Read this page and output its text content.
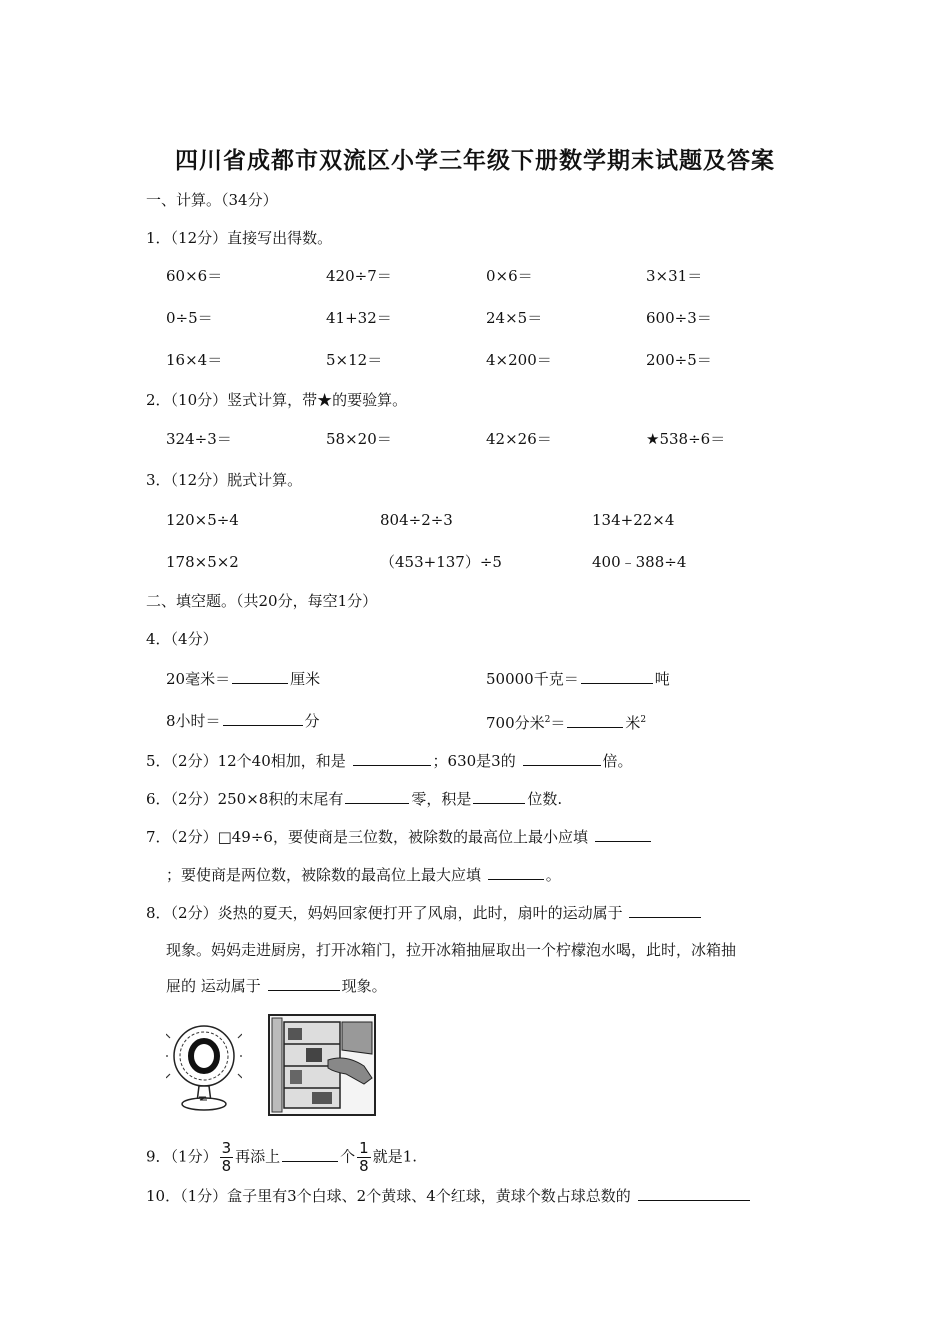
四川省成都市双流区小学三年级下册数学期末试题及答案
一、计算。（34分）
1．（12分）直接写出得数。
60×6＝	420÷7＝	0×6＝	3×31＝
0÷5＝	41+32＝	24×5＝	600÷3＝
16×4＝	5×12＝	4×200＝	200÷5＝
2．（10分）竖式计算，带★的要验算。
324÷3＝	58×20＝	42×26＝	★538÷6＝
3．（12分）脱式计算。
120×5÷4	804÷2÷3	134+22×4
178×5×2	（453+137）÷5	400﹣388÷4
二、填空题。（共20分，每空1分）
4．（4分）
20毫米＝	厘米	50000千克＝	吨
8小时＝	分	700分米$^2$＝	米$^2$
5．（2分）12个40相加，和是	；630是3的	倍。
6．（2分）250×8积的末尾有	零，积是	位数.
7．（2分）□49÷6，要使商是三位数，被除数的最高位上最小应填
；要使商是两位数，被除数的最高位上最大应填	。
8．（2分）炎热的夏天，妈妈回家便打开了风扇，此时，扇叶的运动属于
现象。妈妈走进厨房，打开冰箱门，拉开冰箱抽屉取出一个柠檬泡水喝，此时，冰箱抽
屉的 运动属于	现象。
9．（1分） $\frac{3}{8}$ 再添上	个 $\frac{1}{8}$ 就是1.
10．（1分）盒子里有3个白球、2个黄球、4个红球，黄球个数占球总数的
